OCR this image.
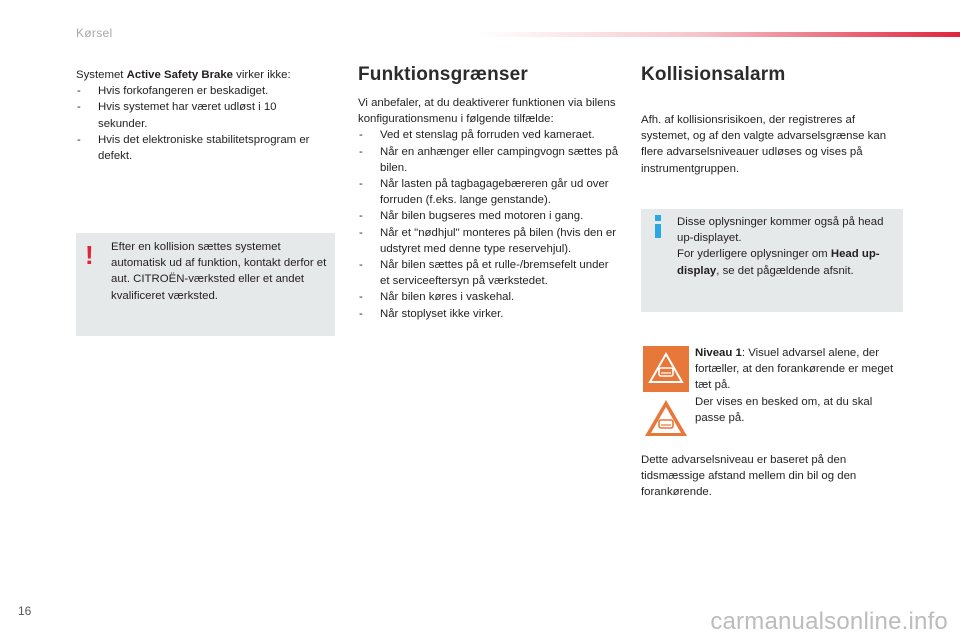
Kørsel

Systemet Active Safety Brake virker ikke:

- Hvis forkofangeren er beskadiget.
- Hvis systemet har været udløst i 10 sekunder.
- Hvis det elektroniske stabilitetsprogram er defekt.
! Efter en kollision sættes systemet automatisk ud af funktion, kontakt derfor et aut. CITROËN-værksted eller et andet kvalificeret værksted.
Funktionsgrænser

Vi anbefaler, at du deaktiverer funktionen via bilens konfigurationsmenu i følgende tilfælde:

- Ved et stenslag på forruden ved kameraet.
- Når en anhænger eller campingvogn sættes på bilen.
- Når lasten på tagbagagebæreren går ud over forruden (f.eks. lange genstande).
- Når bilen bugseres med motoren i gang.
- Når et "nødhjul" monteres på bilen (hvis den er udstyret med denne type reservehjul).
- Når bilen sættes på et rulle-/bremsefelt under et serviceeftersyn på værkstedet.
- Når bilen køres i vaskehal.
- Når stoplyset ikke virker.
Kollisionsalarm
Afh. af kollisionsrisikoen, der registreres af systemet, og af den valgte advarselsgrænse kan flere advarselsniveauer udløses og vises på instrumentgruppen.
Disse oplysninger kommer også på head up-displayet.
For yderligere oplysninger om Head up-display, se det pågældende afsnit.

Niveau 1: Visuel advarsel alene, der fortæller, at den forankørende er meget tæt på.

Der vises en besked om, at du skal passe på.

Dette advarselsniveau er baseret på den tidsmæssige afstand mellem din bil og den forankørende.
16	carmanualsonline.info
